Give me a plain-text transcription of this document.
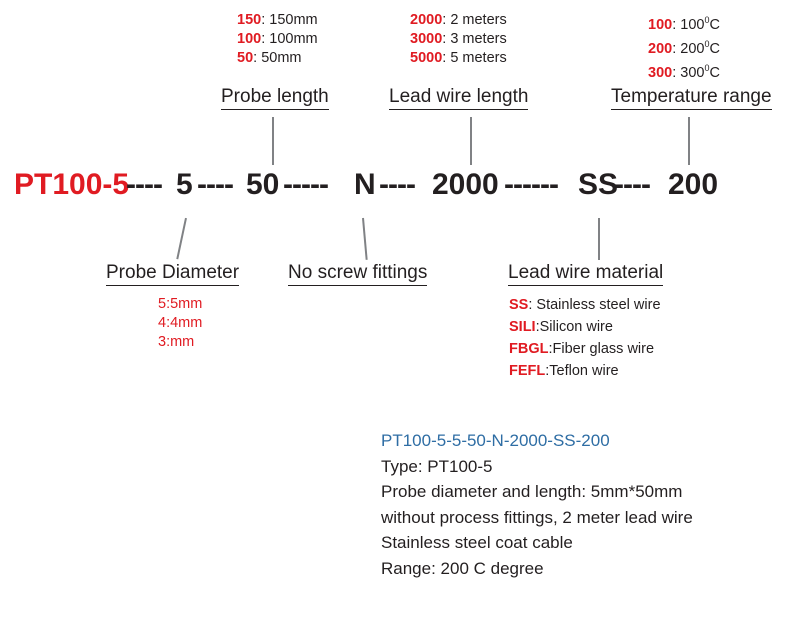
150: 150mm
100: 100mm
50: 50mm
Probe length
2000: 2 meters
3000: 3 meters
5000: 5 meters
Lead wire length
100: $100^0C$
200: $200^0C$
300: $300^0C$
Temperature range
PT100-5
---- 5 ---- 50 ----- N ---- 2000 ------ SS
---- 200
Probe Diameter
5:5mm
4:4mm
3:mm
No screw fittings	Lead wire material
SS: Stainless steel wire
SILI:Silicon wire
FBGL:Fiber glass wire
FEFL:Teflon wire
PT100-5-5-50-N-2000-SS-200
Type: PT100-5
Probe diameter and length: 5mm*50mm
without process fittings, 2 meter lead wire
Stainless steel coat cable
Range: 200 C degree
